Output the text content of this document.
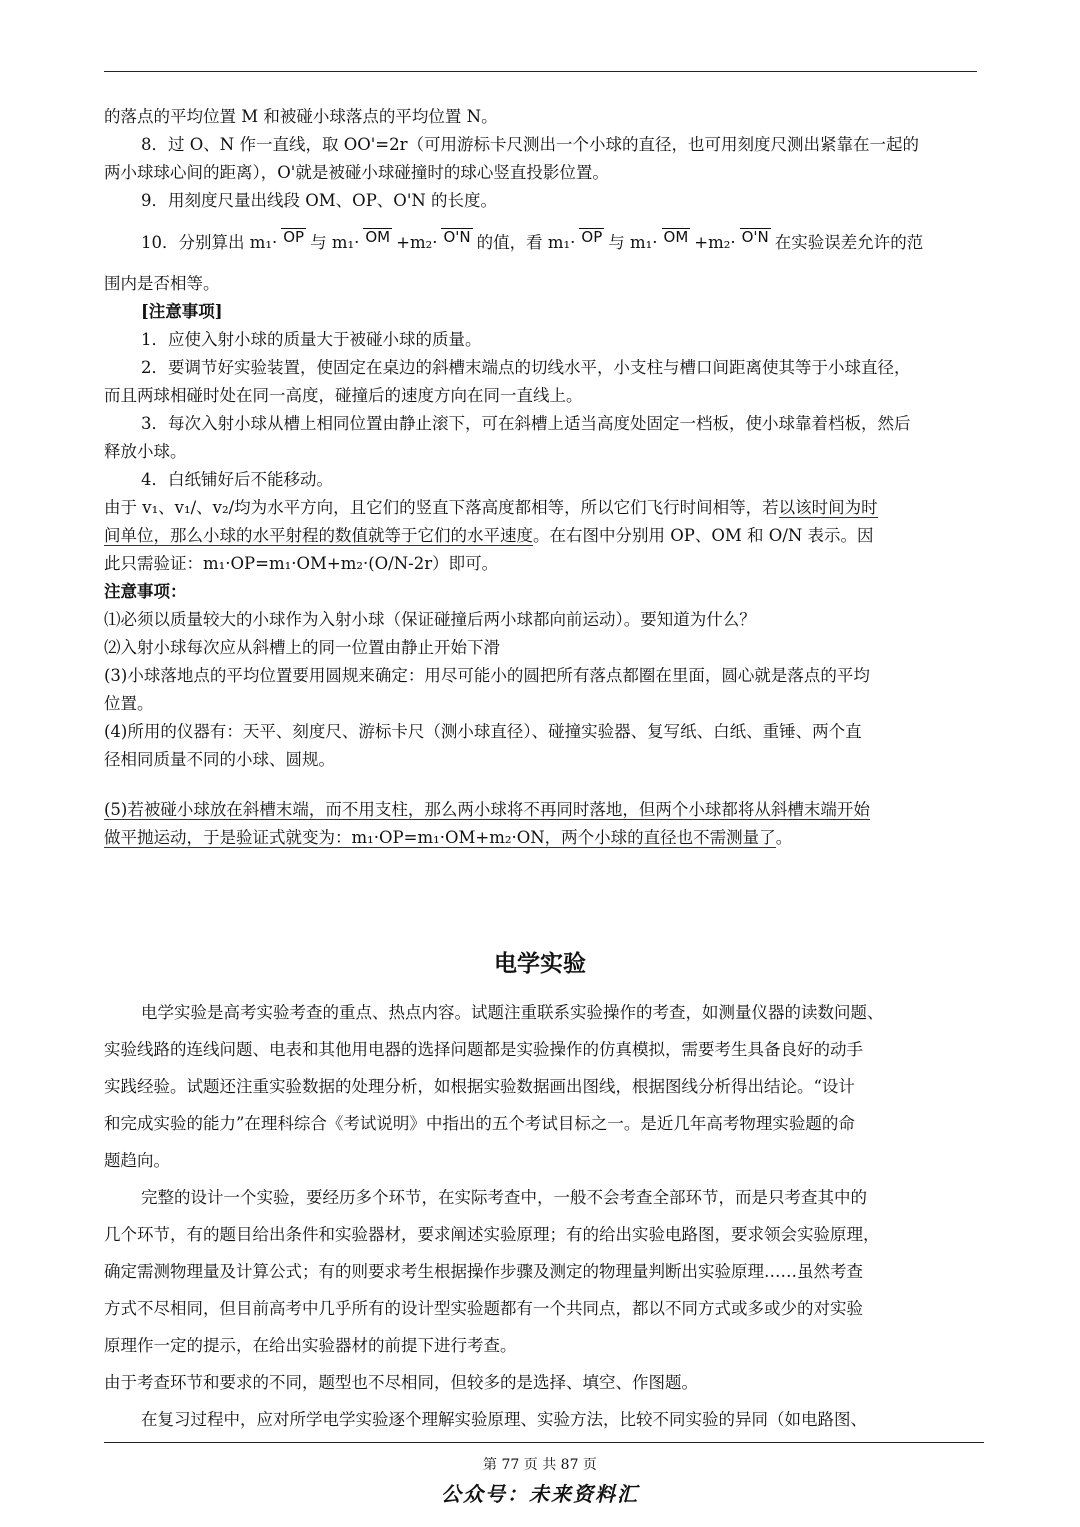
的落点的平均位置 M 和被碰小球落点的平均位置 N。

8．过 O、N 作一直线，取 OO'=2r（可用游标卡尺测出一个小球的直径，也可用刻度尺测出紧靠在一起的

两小球球心间的距离），O'就是被碰小球碰撞时的球心竖直投影位置。

9．用刻度尺量出线段 OM、OP、O'N 的长度。

10．分别算出 m₁· OP 与 m₁· OM +m₂· O'N 的值，看 m₁· OP 与 m₁· OM +m₂· O'N 在实验误差允许的范

围内是否相等。

[注意事项]

1．应使入射小球的质量大于被碰小球的质量。

2．要调节好实验装置，使固定在桌边的斜槽末端点的切线水平，小支柱与槽口间距离使其等于小球直径，

而且两球相碰时处在同一高度，碰撞后的速度方向在同一直线上。

3．每次入射小球从槽上相同位置由静止滚下，可在斜槽上适当高度处固定一档板，使小球靠着档板，然后

释放小球。

4．白纸铺好后不能移动。

由于 v₁、v₁/、v₂/均为水平方向，且它们的竖直下落高度都相等，所以它们飞行时间相等，若以该时间为时

间单位，那么小球的水平射程的数值就等于它们的水平速度。在右图中分别用 OP、OM 和 O/N 表示。因

此只需验证：m₁·OP=m₁·OM+m₂·(O/N-2r）即可。

注意事项：

⑴必须以质量较大的小球作为入射小球（保证碰撞后两小球都向前运动）。要知道为什么？

⑵入射小球每次应从斜槽上的同一位置由静止开始下滑

(3)小球落地点的平均位置要用圆规来确定：用尽可能小的圆把所有落点都圈在里面，圆心就是落点的平均

位置。

(4)所用的仪器有：天平、刻度尺、游标卡尺（测小球直径）、碰撞实验器、复写纸、白纸、重锤、两个直

径相同质量不同的小球、圆规。

(5)若被碰小球放在斜槽末端，而不用支柱，那么两小球将不再同时落地，但两个小球都将从斜槽末端开始

做平抛运动，于是验证式就变为：m₁·OP=m₁·OM+m₂·ON，两个小球的直径也不需测量了。

电学实验

电学实验是高考实验考查的重点、热点内容。试题注重联系实验操作的考查，如测量仪器的读数问题、

实验线路的连线问题、电表和其他用电器的选择问题都是实验操作的仿真模拟，需要考生具备良好的动手

实践经验。试题还注重实验数据的处理分析，如根据实验数据画出图线，根据图线分析得出结论。“设计

和完成实验的能力”在理科综合《考试说明》中指出的五个考试目标之一。是近几年高考物理实验题的命

题趋向。

完整的设计一个实验，要经历多个环节，在实际考查中，一般不会考查全部环节，而是只考查其中的

几个环节，有的题目给出条件和实验器材，要求阐述实验原理；有的给出实验电路图，要求领会实验原理，

确定需测物理量及计算公式；有的则要求考生根据操作步骤及测定的物理量判断出实验原理……虽然考查

方式不尽相同，但目前高考中几乎所有的设计型实验题都有一个共同点，都以不同方式或多或少的对实验

原理作一定的提示，在给出实验器材的前提下进行考查。

由于考查环节和要求的不同，题型也不尽相同，但较多的是选择、填空、作图题。

在复习过程中，应对所学电学实验逐个理解实验原理、实验方法，比较不同实验的异同（如电路图、

第 77 页 共 87 页
公众号：未来资料汇
